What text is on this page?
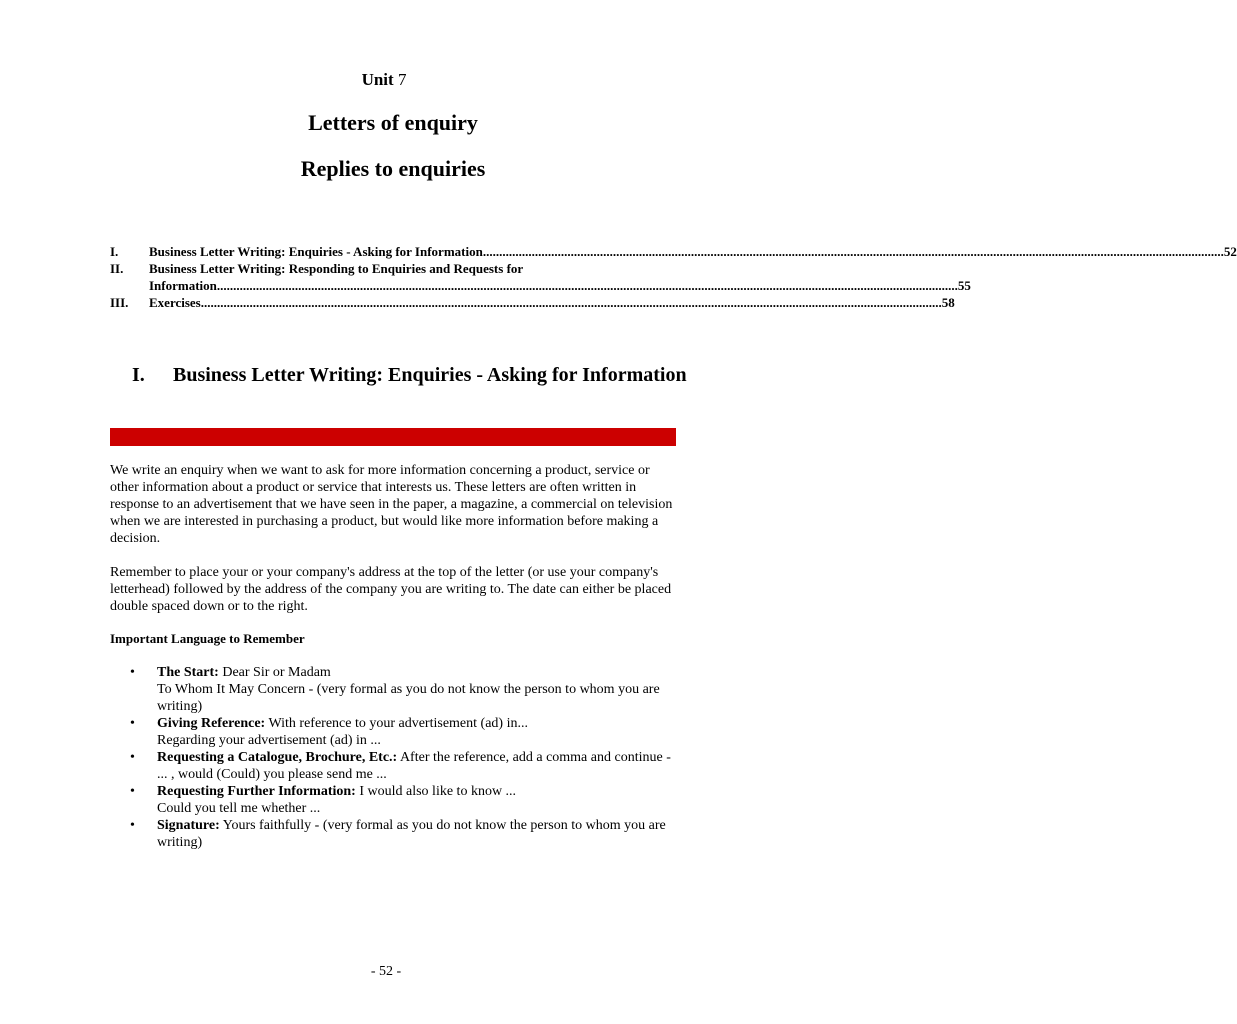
Unit 7
Letters of enquiry
Replies to enquiries
I.	Business Letter Writing: Enquiries - Asking for Information .....	52
II.	Business Letter Writing: Responding to Enquiries and Requests for
Information .....	55
III.	Exercises .....	58
I.	Business Letter Writing: Enquiries - Asking for Information
We write an enquiry when we want to ask for more information concerning a product, service or other information about a product or service that interests us. These letters are often written in response to an advertisement that we have seen in the paper, a magazine, a commercial on television when we are interested in purchasing a product, but would like more information before making a decision.
Remember to place your or your company's address at the top of the letter (or use your company's letterhead) followed by the address of the company you are writing to. The date can either be placed double spaced down or to the right.
Important Language to Remember
• The Start: Dear Sir or Madam
To Whom It May Concern - (very formal as you do not know the person to whom you are writing)
• Giving Reference: With reference to your advertisement (ad) in...
Regarding your advertisement (ad) in ...
• Requesting a Catalogue, Brochure, Etc.: After the reference, add a comma and continue - ... , would (Could) you please send me ...
• Requesting Further Information: I would also like to know ...
Could you tell me whether ...
• Signature: Yours faithfully - (very formal as you do not know the person to whom you are writing)
- 52 -
